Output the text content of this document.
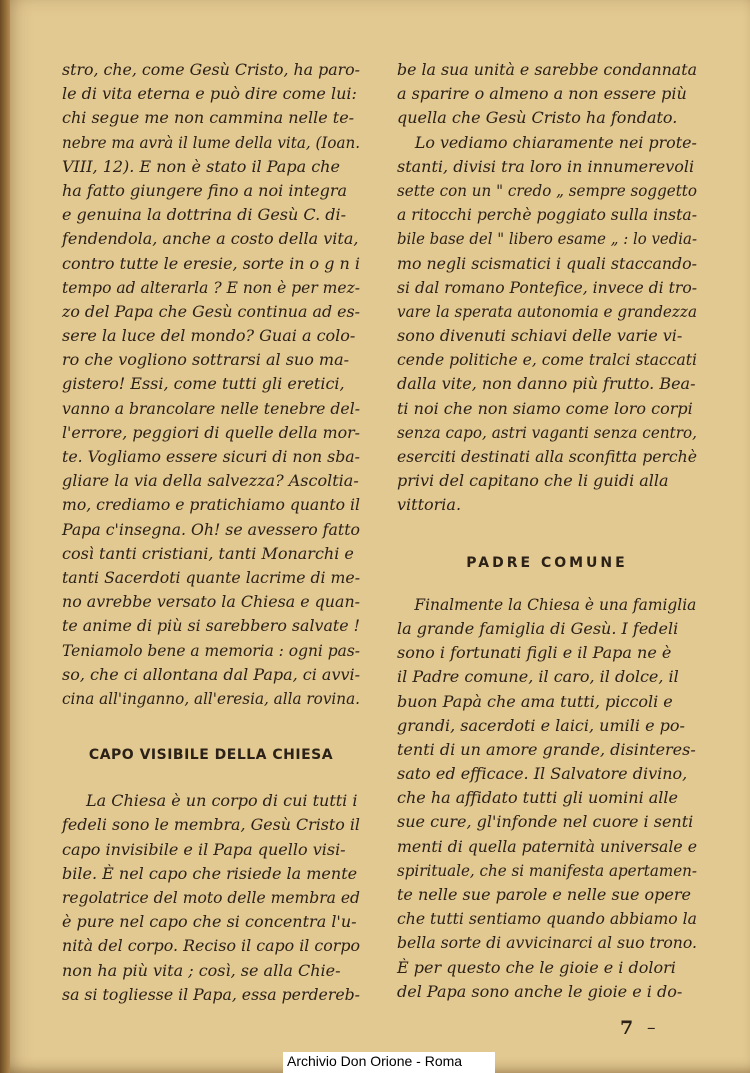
stro, che, come Gesù Cristo, ha paro-
le di vita eterna e può dire come lui:
chi segue me non cammina nelle te-
nebre ma avrà il lume della vita, (Ioan.
VIII, 12). E non è stato il Papa che
ha fatto giungere fino a noi integra
e genuina la dottrina di Gesù C. di-
fendendola, anche a costo della vita,
contro tutte le eresie, sorte in o g n i
tempo ad alterarla ? E non è per mez-
zo del Papa che Gesù continua ad es-
sere la luce del mondo? Guai a colo-
ro che vogliono sottrarsi al suo ma-
gistero! Essi, come tutti gli eretici,
vanno a brancolare nelle tenebre del-
l'errore, peggiori di quelle della mor-
te. Vogliamo essere sicuri di non sba-
gliare la via della salvezza? Ascoltia-
mo, crediamo e pratichiamo quanto il
Papa c'insegna. Oh! se avessero fatto
così tanti cristiani, tanti Monarchi e
tanti Sacerdoti quante lacrime di me-
no avrebbe versato la Chiesa e quan-
te anime di più si sarebbero salvate !
Teniamolo bene a memoria : ogni pas-
so, che ci allontana dal Papa, ci avvi-
cina all'inganno, all'eresia, alla rovina.
CAPO VISIBILE DELLA CHIESA
La Chiesa è un corpo di cui tutti i
fedeli sono le membra, Gesù Cristo il
capo invisibile e il Papa quello visi-
bile. È nel capo che risiede la mente
regolatrice del moto delle membra ed
è pure nel capo che si concentra l'u-
nità del corpo. Reciso il capo il corpo
non ha più vita ; così, se alla Chie-
sa si togliesse il Papa, essa perdereb-
be la sua unità e sarebbe condannata
a sparire o almeno a non essere più
quella che Gesù Cristo ha fondato.
Lo vediamo chiaramente nei prote-
stanti, divisi tra loro in innumerevoli
sette con un " credo „ sempre soggetto
a ritocchi perchè poggiato sulla insta-
bile base del " libero esame „ : lo vedia-
mo negli scismatici i quali staccando-
si dal romano Pontefice, invece di tro-
vare la sperata autonomia e grandezza
sono divenuti schiavi delle varie vi-
cende politiche e, come tralci staccati
dalla vite, non danno più frutto. Bea-
ti noi che non siamo come loro corpi
senza capo, astri vaganti senza centro,
eserciti destinati alla sconfitta perchè
privi del capitano che li guidi alla
vittoria.
PADRE COMUNE
Finalmente la Chiesa è una famiglia
la grande famiglia di Gesù. I fedeli
sono i fortunati figli e il Papa ne è
il Padre comune, il caro, il dolce, il
buon Papà che ama tutti, piccoli e
grandi, sacerdoti e laici, umili e po-
tenti di un amore grande, disinteres-
sato ed efficace. Il Salvatore divino,
che ha affidato tutti gli uomini alle
sue cure, gl'infonde nel cuore i senti
menti di quella paternità universale e
spirituale, che si manifesta apertamen-
te nelle sue parole e nelle sue opere
che tutti sentiamo quando abbiamo la
bella sorte di avvicinarci al suo trono.
È per questo che le gioie e i dolori
del Papa sono anche le gioie e i do-
7 –
Archivio Don Orione - Roma
